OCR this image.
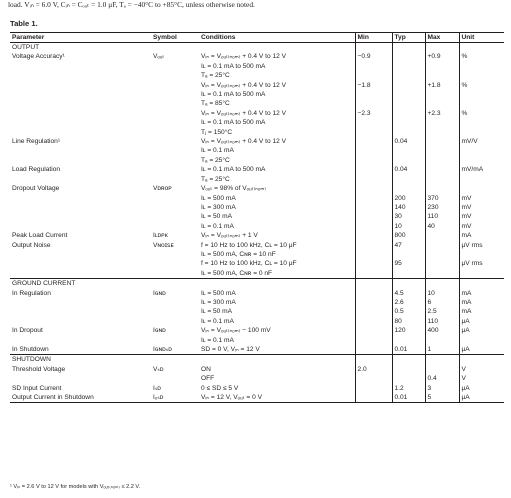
load. Vᵢₙ = 6.0 V, Cᵢₙ = Cₒᵤₜ = 1.0 μF, Tₐ = −40°C to +85°C, unless otherwise noted.
Table 1.
Parameter	Symbol	Conditions	Min	Typ	Max	Unit
OUTPUT						
Voltage Accuracy¹	Vₒᵤₜ	Vᵢₙ = Vₒᵤₜ₍ₙₒₘ₎ + 0.4 V to 12 V	−0.9		+0.9	%
		Iʟ = 0.1 mA to 500 mA				
		Tₐ = 25°C				
		Vᵢₙ = Vₒᵤₜ₍ₙₒₘ₎ + 0.4 V to 12 V	−1.8		+1.8	%
		Iʟ = 0.1 mA to 500 mA				
		Tₐ = 85°C				
		Vᵢₙ = Vₒᵤₜ₍ₙₒₘ₎ + 0.4 V to 12 V	−2.3		+2.3	%
		Iʟ = 0.1 mA to 500 mA				
		Tⱼ = 150°C				
Line Regulation¹		Vᵢₙ = Vₒᵤₜ₍ₙₒₘ₎ + 0.4 V to 12 V		0.04		mV/V
		Iʟ = 0.1 mA				
		Tₐ = 25°C				
Load Regulation		Iʟ = 0.1 mA to 500 mA		0.04		mV/mA
		Tₐ = 25°C				
Dropout Voltage	Vᴅʀᴏᴘ	Vₒᵤₜ = 98% of Vₒᵤₜ₍ₙₒₘ₎				
		Iʟ = 500 mA		200	370	mV
		Iʟ = 300 mA		140	230	mV
		Iʟ = 50 mA		30	110	mV
		Iʟ = 0.1 mA		10	40	mV
Peak Load Current	Iʟᴅᴘᴋ	Vᵢₙ = Vₒᵤₜ₍ₙₒₘ₎ + 1 V		800		mA
Output Noise	Vɴᴏɪꜱᴇ	f = 10 Hz to 100 kHz, Cʟ = 10 μF		47		μV rms
		Iʟ = 500 mA, Cɴʀ = 10 nF				
		f = 10 Hz to 100 kHz, Cʟ = 10 μF		95		μV rms
		Iʟ = 500 mA, Cɴʀ = 0 nF				
GROUND CURRENT						
In Regulation	Iɢɴᴅ	Iʟ = 500 mA		4.5	10	mA
		Iʟ = 300 mA		2.6	6	mA
		Iʟ = 50 mA		0.5	2.5	mA
		Iʟ = 0.1 mA		80	110	μA
In Dropout	Iɢɴᴅ	Vᵢₙ = Vₒᵤₜ₍ₙₒₘ₎ − 100 mV		120	400	μA
		Iʟ = 0.1 mA				
In Shutdown	Iɢɴᴅₛᴅ	SD = 0 V, Vᵢₙ = 12 V		0.01	1	μA
SHUTDOWN						
Threshold Voltage	Vₛᴅ	ON	2.0			V
		OFF			0.4	V
SD Input Current	Iₛᴅ	0 ≤ SD ≤ 5 V		1.2	3	μA
Output Current in Shutdown	Iₒₛᴅ	Vᵢₙ = 12 V, Vₒᵤₜ = 0 V		0.01	5	μA
¹ Vᵢₙ = 2.6 V to 12 V for models with Vₒᵤₜ₍ₙₒₘ₎ ≤ 2.2 V.
